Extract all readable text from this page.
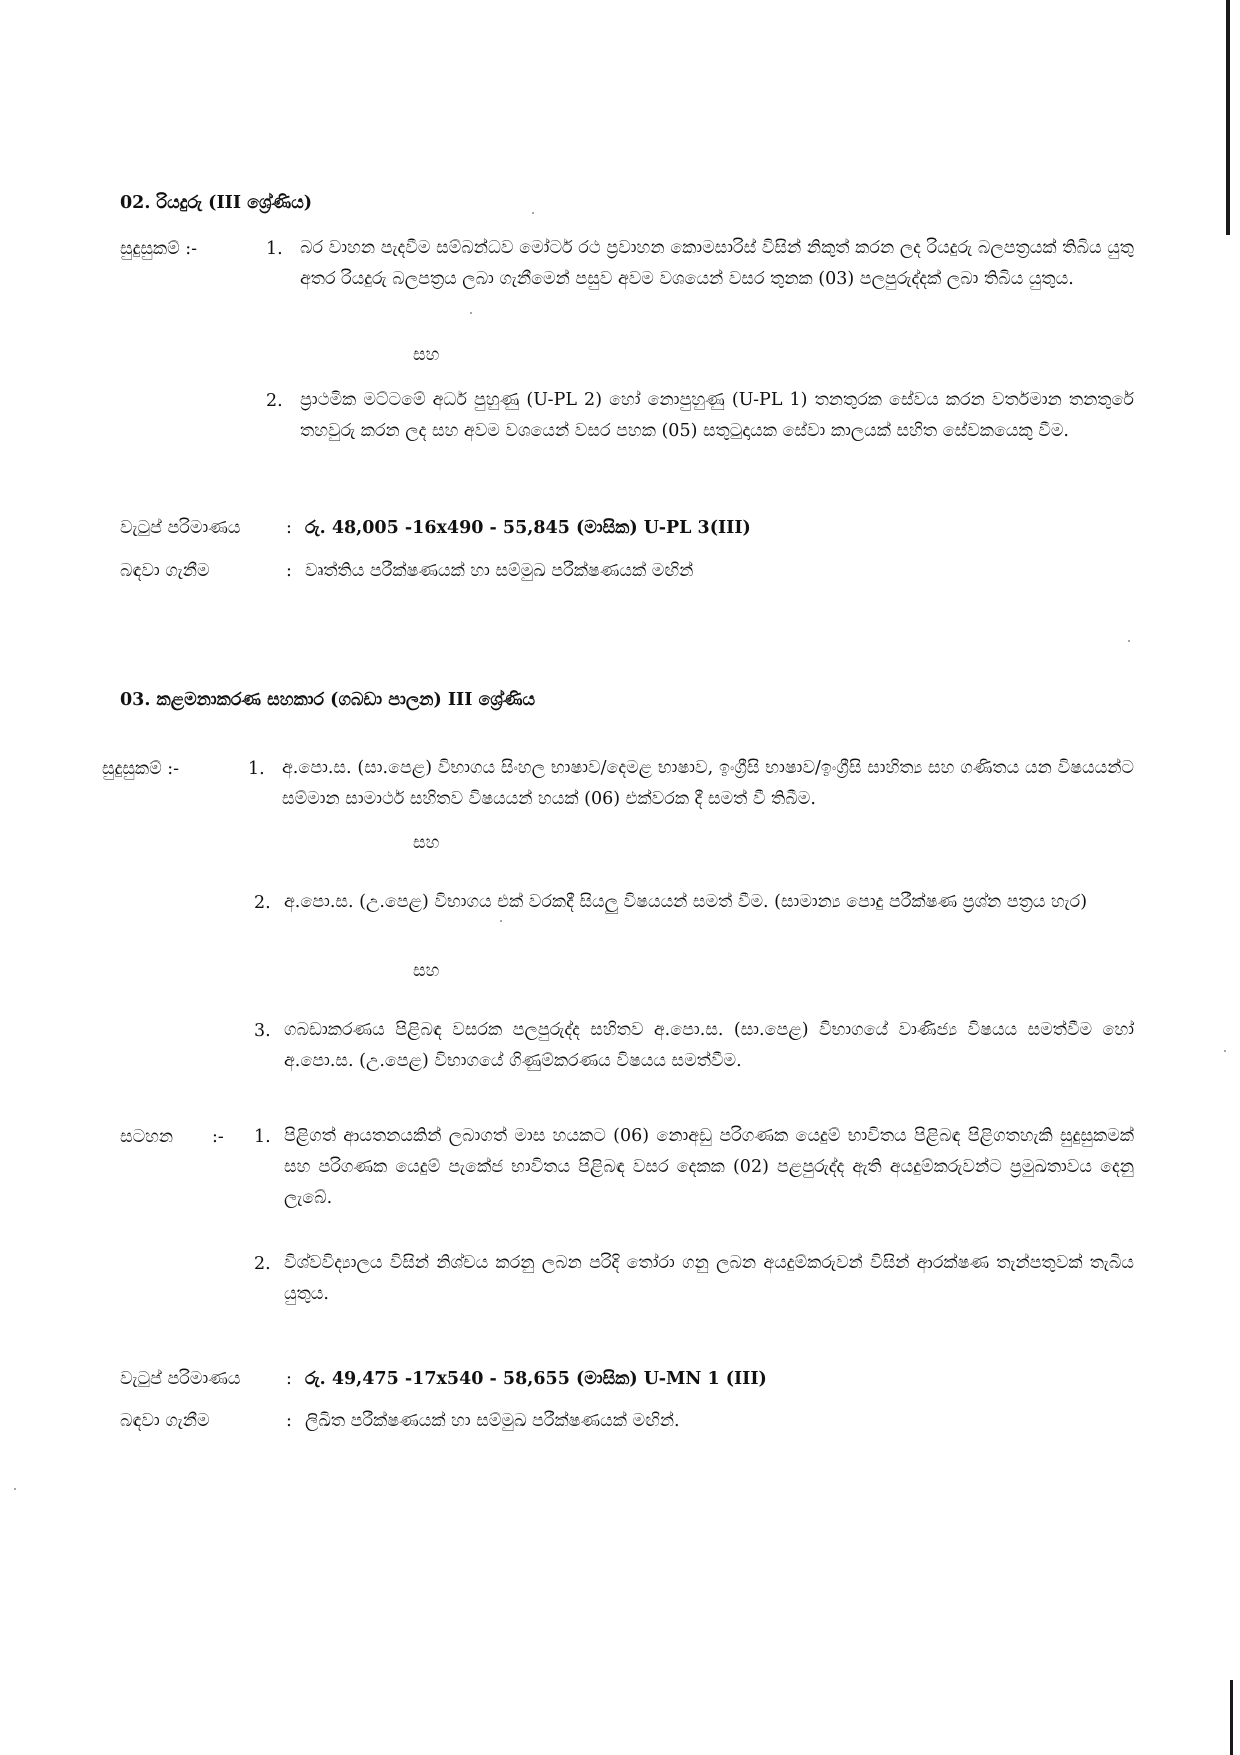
02. රියදුරු (III ශ්‍රේණිය)
සුදුසුකම් :-	1. බර වාහන පැදවීම සම්බන්ධව මෝටර් රථ ප්‍රවාහන කොමසාරිස් විසින් නිකුත් කරන ලද රියදුරු බලපත්‍රයක් තිබිය යුතු අතර රියදුරු බලපත්‍රය ලබා ගැනීමෙන් පසුව අවම වශයෙන් වසර තුනක (03) පලපුරුද්දක් ලබා තිබිය යුතුය.
සහ
2. ප්‍රාථමික මට්ටමේ අර්ධ පුහුණු (U-PL 2) හෝ නොපුහුණු (U-PL 1) තනතුරක සේවය කරන වර්තමාන තනතුරේ තහවුරු කරන ලද සහ අවම වශයෙන් වසර පහක (05) සතුටුදායක සේවා කාලයක් සහිත සේවකයෙකු වීම.
වැටුප් පරිමාණය	: රු. 48,005 -16x490 - 55,845 (මාසික) U-PL 3(III)
බඳවා ගැනීම	: වෘත්තිය පරීක්ෂණයක් හා සම්මුඛ පරීක්ෂණයක් මඟින්
03. කළමනාකරණ සහකාර (ගබඩා පාලන) III ශ්‍රේණිය
සුදුසුකම් :-	1. අ.පො.ස. (සා.පෙළ) විභාගය සිංහල භාෂාව/දෙමළ භාෂාව, ඉංග්‍රීසි භාෂාව/ඉංග්‍රීසි සාහිත්‍ය සහ ගණිතය යන විෂයයන්ට සම්මාන සාමාර්ථ සහිතව විෂයයන් හයක් (06) එක්වරක දී සමත් වී තිබීම.
සහ
2. අ.පො.ස. (උ.පෙළ) විභාගය එක් වරකදී සියලු විෂයයන් සමත් වීම. (සාමාන්‍ය පොදු පරීක්ෂණ ප්‍රශ්න පත්‍රය හැර)
සහ
3. ගබඩාකරණය පිළිබඳ වසරක පලපුරුද්ද සහිතව අ.පො.ස. (සා.පෙළ) විභාගයේ වාණිජ්‍ය විෂයය සමත්වීම හෝ අ.පො.ස. (උ.පෙළ) විභාගයේ ගිණුම්කරණය විෂයය සමත්වීම.
සටහන :- 1. පිළිගත් ආයතනයකින් ලබාගත් මාස හයකට (06) නොඅඩු පරිගණක යෙදුම් භාවිතය පිළිබඳ පිළිගතහැකි සුදුසුකමක් සහ පරිගණක යෙදුම් පැකේජ භාවිතය පිළිබඳ වසර දෙකක (02) පළපුරුද්ද ඇති අයදුම්කරුවන්ට ප්‍රමුඛතාවය දෙනු ලැබේ.
2. විශ්වවිද්‍යාලය විසින් නිශ්චය කරනු ලබන පරිදි තෝරා ගනු ලබන අයදුම්කරුවන් විසින් ආරක්ෂණ තැන්පතුවක් තැබිය යුතුය.
වැටුප් පරිමාණය	: රු. 49,475 -17x540 - 58,655 (මාසික) U-MN 1 (III)
බඳවා ගැනීම	: ලිඛිත පරීක්ෂණයක් හා සම්මුඛ පරීක්ෂණයක් මඟින්.
